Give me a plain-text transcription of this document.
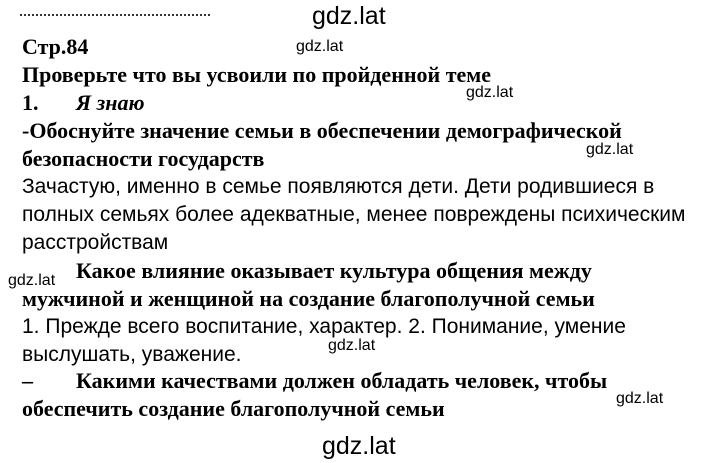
gdz.lat
gdz.lat
gdz.lat
gdz.lat
gdz.lat
gdz.lat
gdz.lat
gdz.lat
Стр.84
Проверьте что вы усвоили по пройденной теме
1. Я знаю
-Обоснуйте значение семьи в обеспечении демографической
безопасности государств
Зачастую, именно в семье появляются дети. Дети родившиеся в
полных семьях более адекватные, менее повреждены психическим
расстройствам
Какое влияние оказывает культура общения между
мужчиной и женщиной на создание благополучной семьи
1. Прежде всего воспитание, характер. 2. Понимание, умение
выслушать, уважение.
– Какими качествами должен обладать человек, чтобы
обеспечить создание благополучной семьи
